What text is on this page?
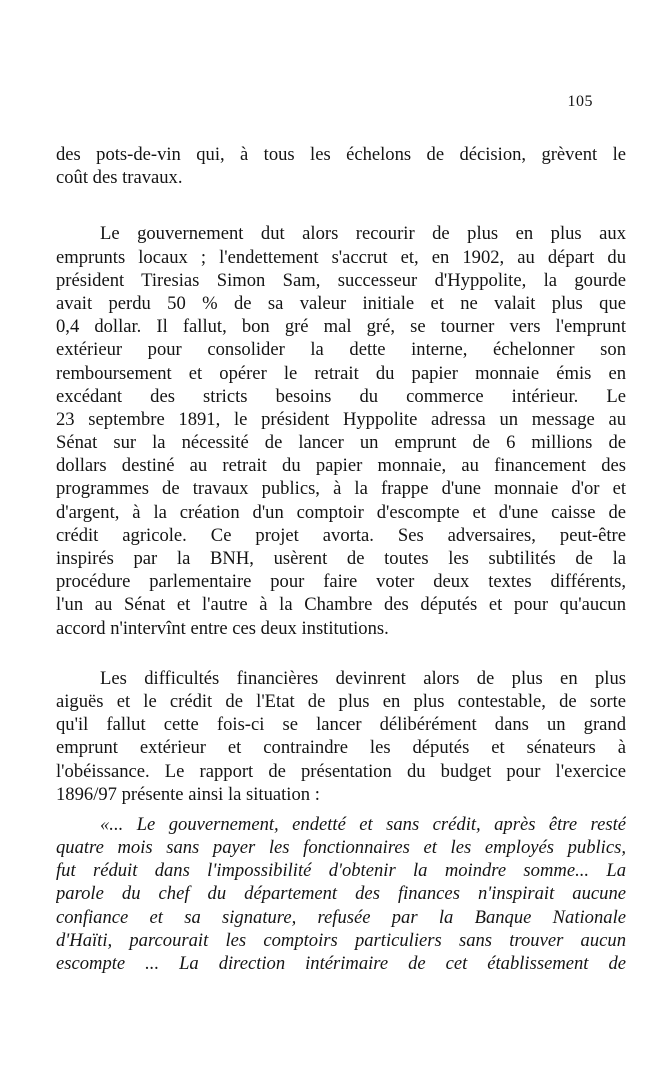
105
des pots-de-vin qui, à tous les échelons de décision, grèvent le
coût des travaux.
Le gouvernement dut alors recourir de plus en plus aux
emprunts locaux ; l'endettement s'accrut et, en 1902, au départ du
président Tiresias Simon Sam, successeur d'Hyppolite, la gourde
avait perdu 50 % de sa valeur initiale et ne valait plus que
0,4 dollar. Il fallut, bon gré mal gré, se tourner vers l'emprunt
extérieur pour consolider la dette interne, échelonner son
remboursement et opérer le retrait du papier monnaie émis en
excédant des stricts besoins du commerce intérieur. Le
23 septembre 1891, le président Hyppolite adressa un message au
Sénat sur la nécessité de lancer un emprunt de 6 millions de
dollars destiné au retrait du papier monnaie, au financement des
programmes de travaux publics, à la frappe d'une monnaie d'or et
d'argent, à la création d'un comptoir d'escompte et d'une caisse de
crédit agricole. Ce projet avorta. Ses adversaires, peut-être
inspirés par la BNH, usèrent de toutes les subtilités de la
procédure parlementaire pour faire voter deux textes différents,
l'un au Sénat et l'autre à la Chambre des députés et pour qu'aucun
accord n'intervînt entre ces deux institutions.
Les difficultés financières devinrent alors de plus en plus
aiguës et le crédit de l'Etat de plus en plus contestable, de sorte
qu'il fallut cette fois-ci se lancer délibérément dans un grand
emprunt extérieur et contraindre les députés et sénateurs à
l'obéissance. Le rapport de présentation du budget pour l'exercice
1896/97 présente ainsi la situation :
«... Le gouvernement, endetté et sans crédit, après être resté
quatre mois sans payer les fonctionnaires et les employés publics,
fut réduit dans l'impossibilité d'obtenir la moindre somme... La
parole du chef du département des finances n'inspirait aucune
confiance et sa signature, refusée par la Banque Nationale
d'Haïti, parcourait les comptoirs particuliers sans trouver aucun
escompte ... La direction intérimaire de cet établissement de
